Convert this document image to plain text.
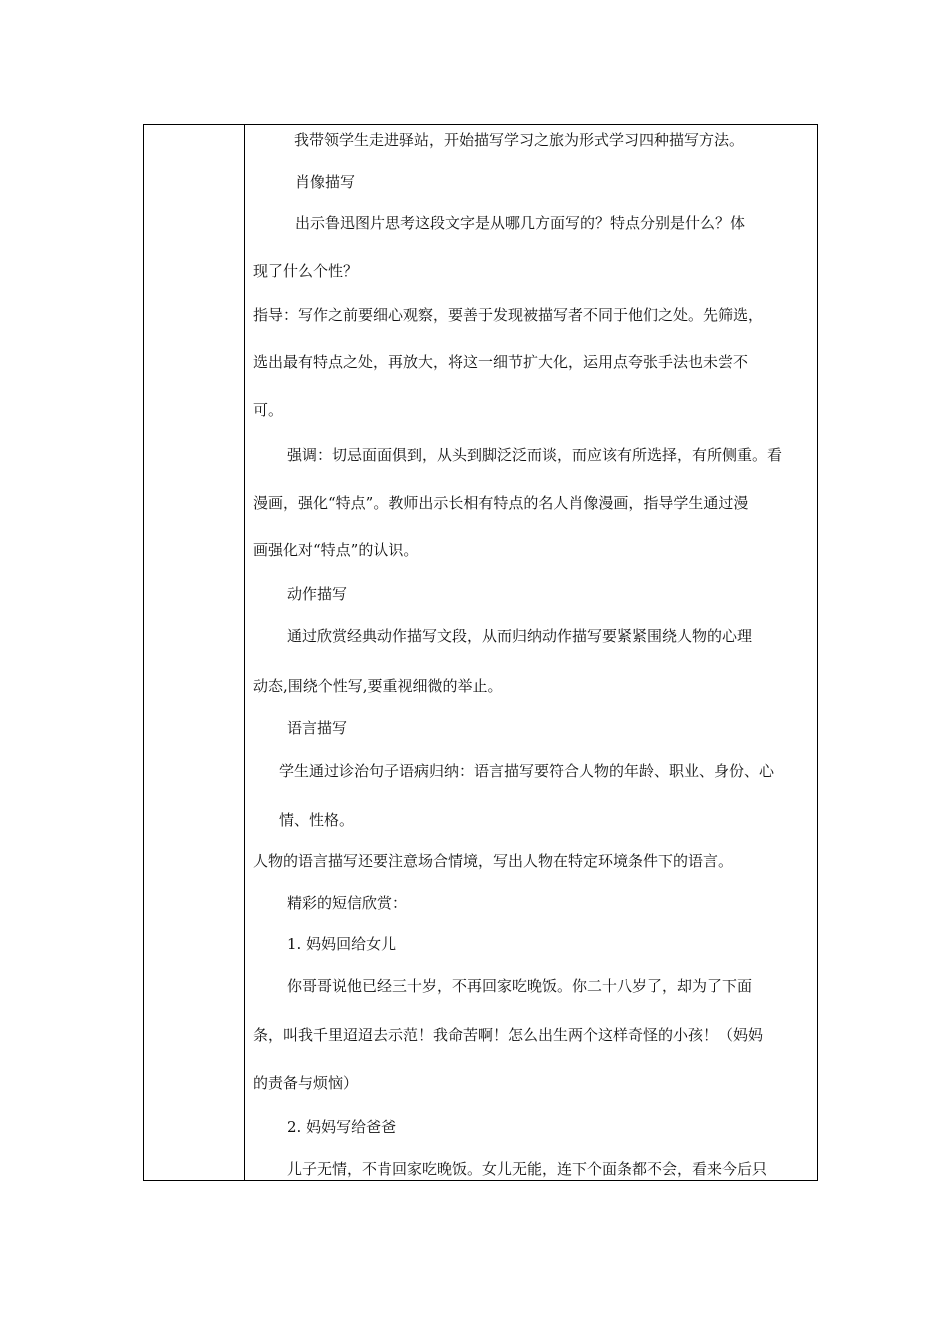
我带领学生走进驿站，开始描写学习之旅为形式学习四种描写方法。
肖像描写
出示鲁迅图片思考这段文字是从哪几方面写的？特点分别是什么？体
现了什么个性？
指导：写作之前要细心观察，要善于发现被描写者不同于他们之处。先筛选，
选出最有特点之处，再放大，将这一细节扩大化，运用点夸张手法也未尝不
可。
强调：切忌面面俱到，从头到脚泛泛而谈，而应该有所选择，有所侧重。看
漫画，强化“特点”。教师出示长相有特点的名人肖像漫画，指导学生通过漫
画强化对“特点”的认识。
动作描写
通过欣赏经典动作描写文段，从而归纳动作描写要紧紧围绕人物的心理
动态,围绕个性写,要重视细微的举止。
语言描写
学生通过诊治句子语病归纳：语言描写要符合人物的年龄、职业、身份、心
情、性格。
人物的语言描写还要注意场合情境，写出人物在特定环境条件下的语言。
精彩的短信欣赏：
1. 妈妈回给女儿
你哥哥说他已经三十岁，不再回家吃晚饭。你二十八岁了，却为了下面
条，叫我千里迢迢去示范！我命苦啊！怎么出生两个这样奇怪的小孩！（妈妈
的责备与烦恼）
2. 妈妈写给爸爸
儿子无情，不肯回家吃晚饭。女儿无能，连下个面条都不会，看来今后只
